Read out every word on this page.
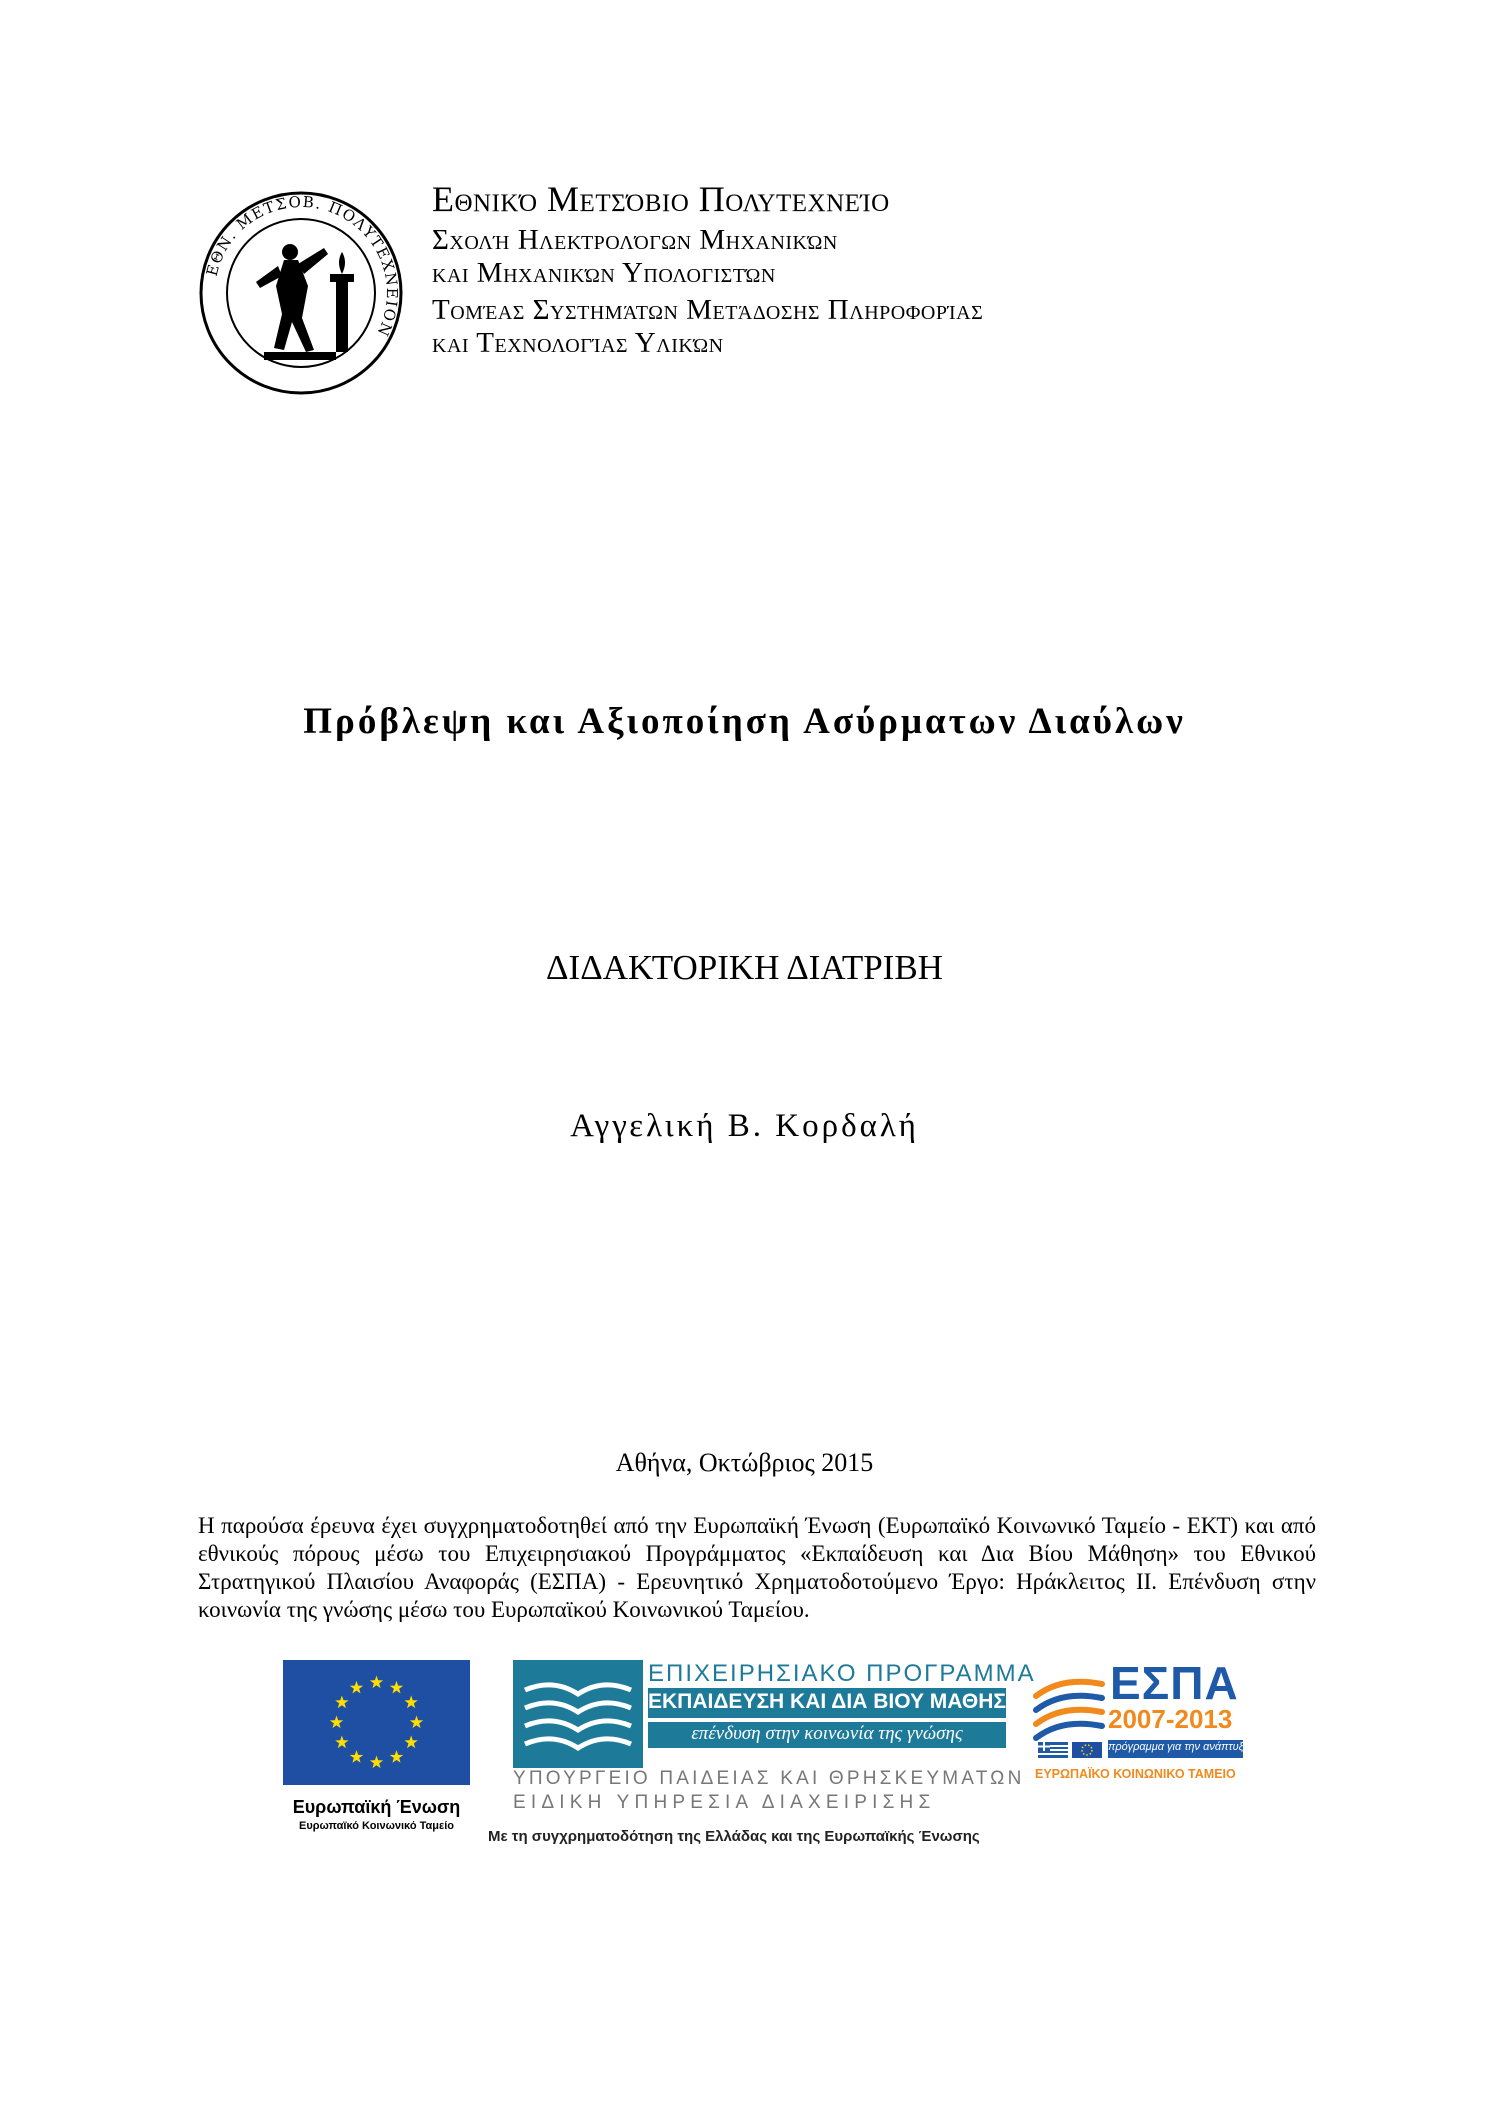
ΕΘΝ. ΜΕΤΣΟΒ. ΠΟΛΥΤΕΧΝΕΙΟΝ
Εθνικό Μετσόβιο Πολυτεχνείο
Σχολή Ηλεκτρολόγων Μηχανικών
και Μηχανικών Υπολογιστών
Τομέας Συστημάτων Μετάδοσης Πληροφορίας
και Τεχνολογίας Υλικών
Πρόβλεψη και Αξιοποίηση Ασύρματων Διαύλων
ΔΙΔΑΚΤΟΡΙΚΗ ΔΙΑΤΡΙΒΗ
Αγγελική Β. Κορδαλή
Αθήνα, Οκτώβριος 2015
Η παρούσα έρευνα έχει συγχρηματοδοτηθεί από την Ευρωπαϊκή Ένωση (Ευρωπαϊκό Κοινωνικό Ταμείο - ΕΚΤ) και από εθνικούς πόρους μέσω του Επιχειρησιακού Προγράμματος «Εκπαίδευση και Δια Βίου Μάθηση» του Εθνικού Στρατηγικού Πλαισίου Αναφοράς (ΕΣΠΑ) - Ερευνητικό Χρηματοδοτούμενο Έργο: Ηράκλειτος ΙΙ. Επένδυση στην κοινωνία της γνώσης μέσω του Ευρωπαϊκού Κοινωνικού Ταμείου.
Ευρωπαϊκή Ένωση
Ευρωπαϊκό Κοινωνικό Ταμείο
ΕΠΙΧΕΙΡΗΣΙΑΚΟ ΠΡΟΓΡΑΜΜΑ
ΕΚΠΑΙΔΕΥΣΗ ΚΑΙ ΔΙΑ ΒΙΟΥ ΜΑΘΗΣΗ
επένδυση στην κοινωνία της γνώσης
ΥΠΟΥΡΓΕΙΟ ΠΑΙΔΕΙΑΣ ΚΑΙ ΘΡΗΣΚΕΥΜΑΤΩΝ
ΕΙΔΙΚΗ ΥΠΗΡΕΣΙΑ ΔΙΑΧΕΙΡΙΣΗΣ
Με τη συγχρηματοδότηση της Ελλάδας και της Ευρωπαϊκής Ένωσης
ΕΣΠΑ
2007-2013
πρόγραμμα για την ανάπτυξη
ΕΥΡΩΠΑΪΚΟ ΚΟΙΝΩΝΙΚΟ ΤΑΜΕΙΟ
